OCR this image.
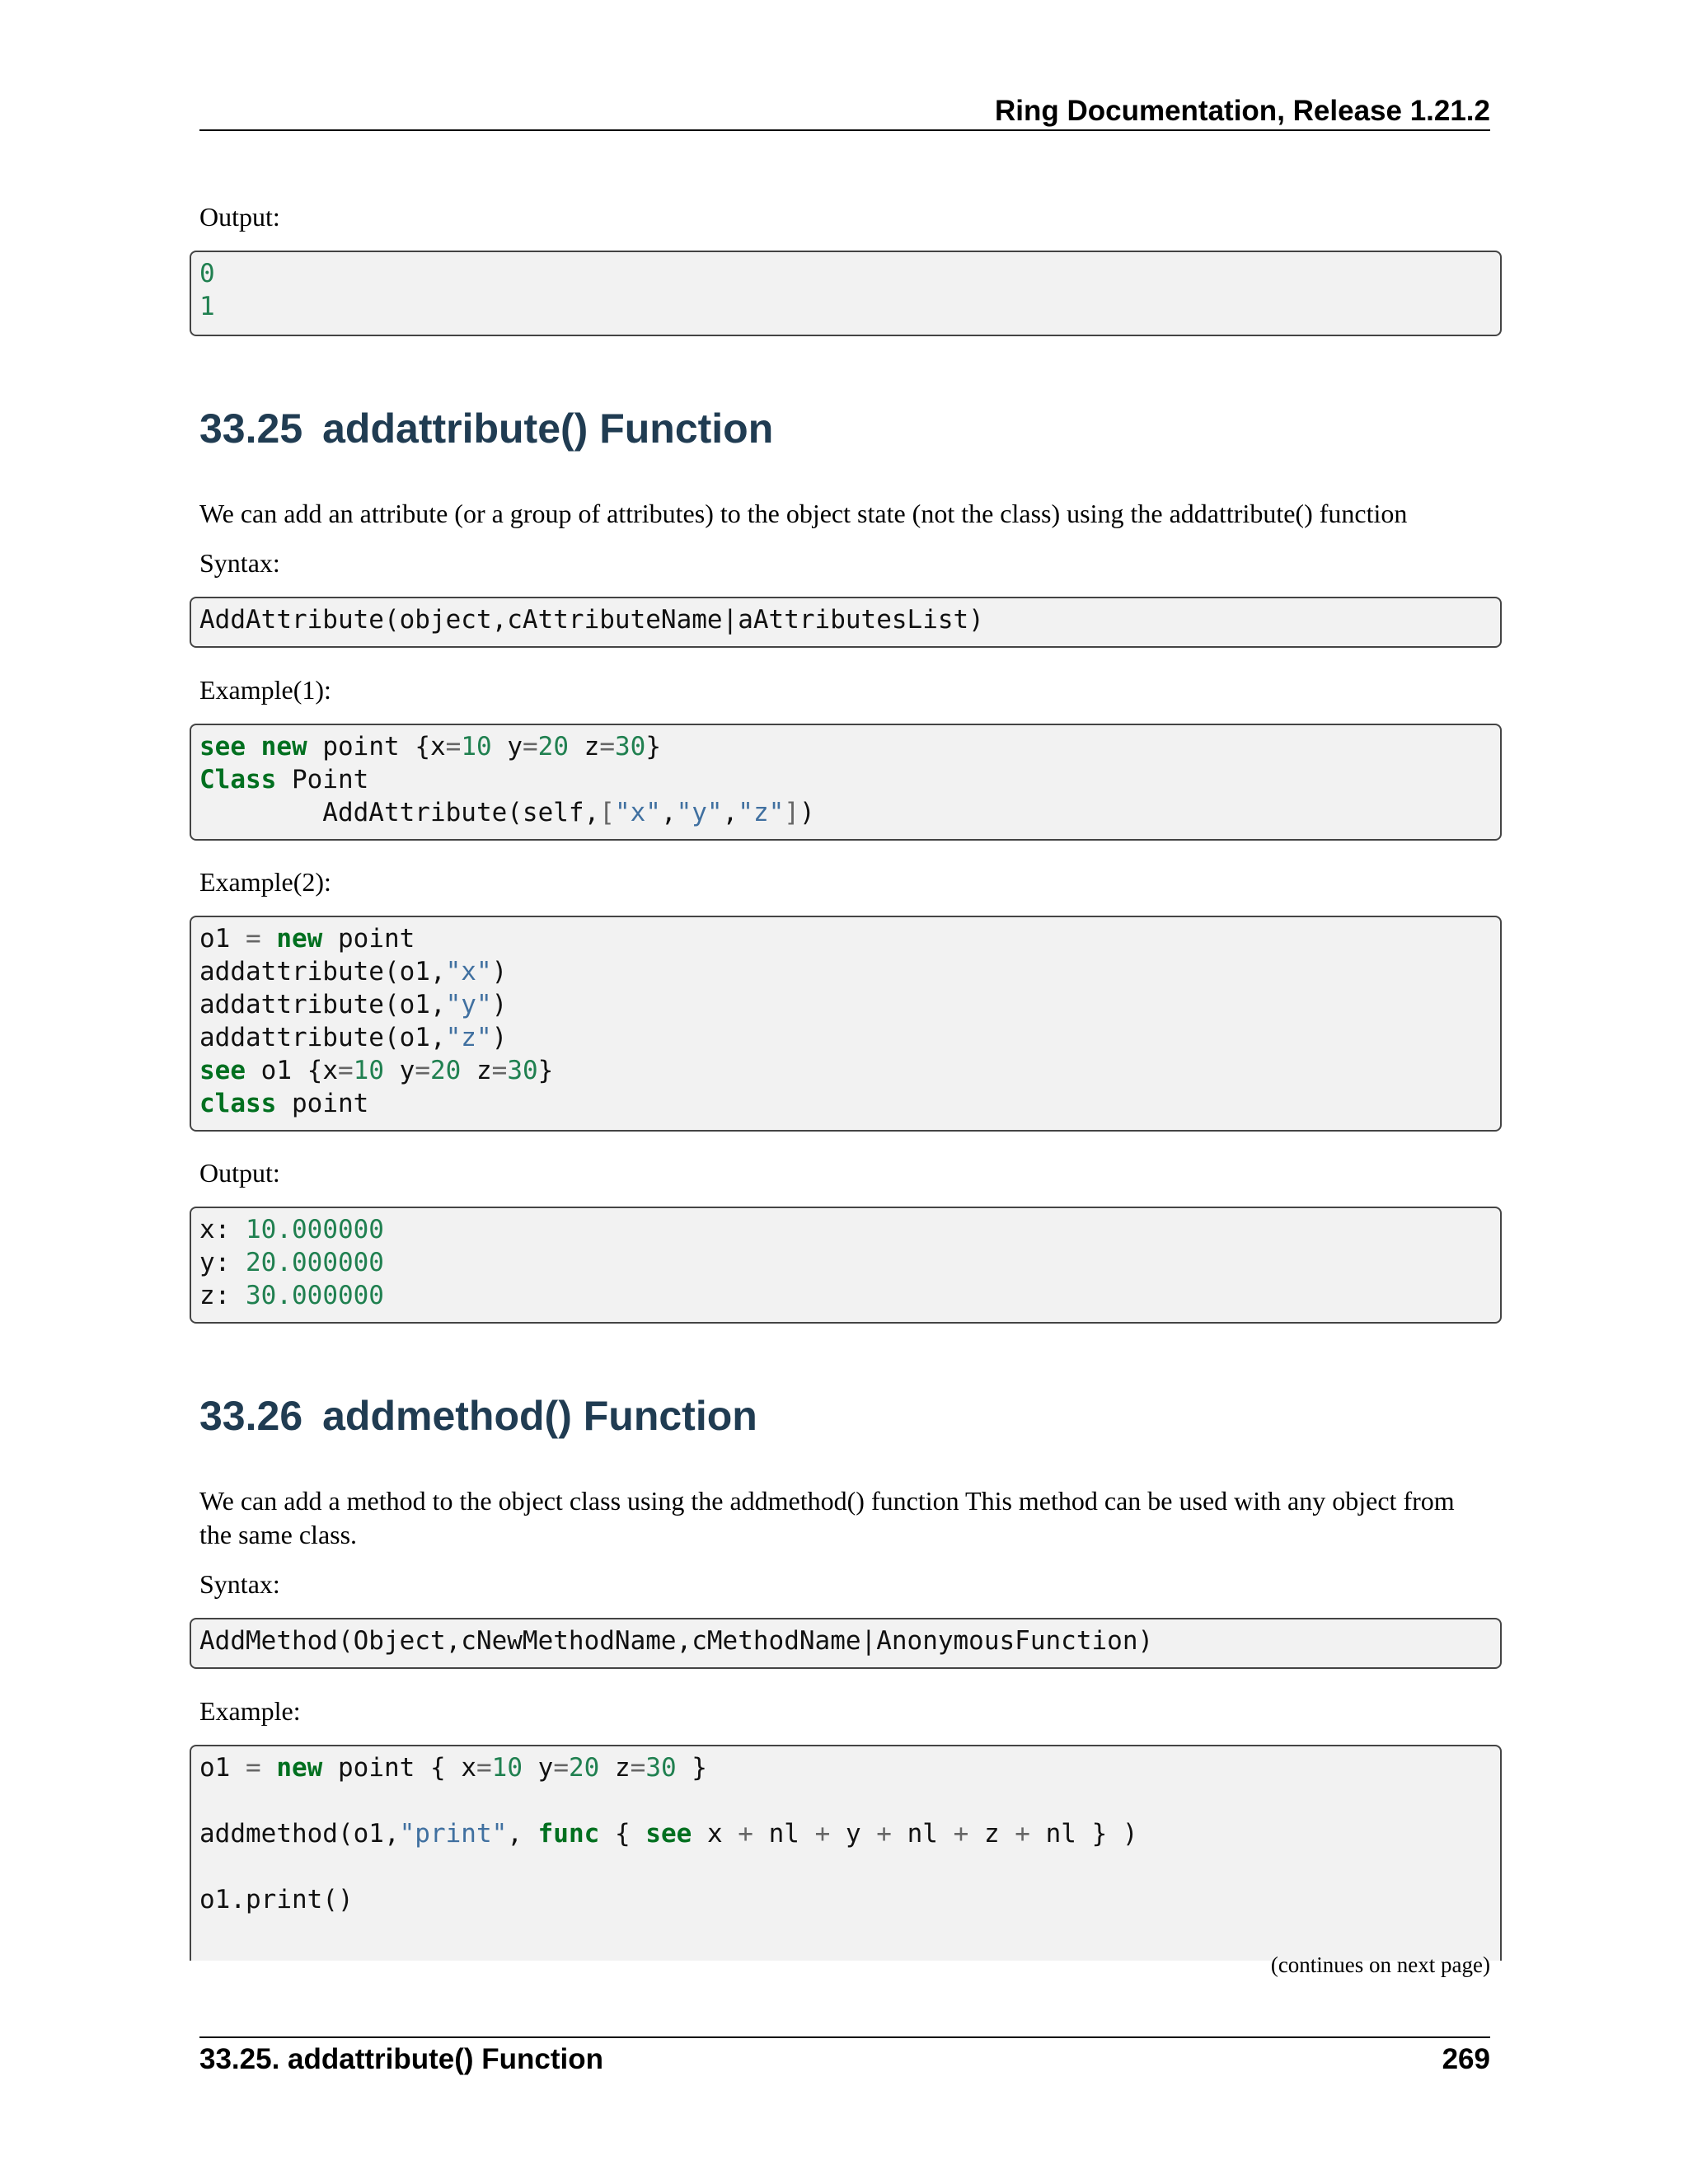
Ring Documentation, Release 1.21.2
Output:
0
1
33.25 addattribute() Function
We can add an attribute (or a group of attributes) to the object state (not the class) using the addattribute() function
Syntax:
AddAttribute(object,cAttributeName|aAttributesList)
Example(1):
see new point {x=10 y=20 z=30}
Class Point
AddAttribute(self,["x","y","z"])
Example(2):
o1 = new point
addattribute(o1,"x")
addattribute(o1,"y")
addattribute(o1,"z")
see o1 {x=10 y=20 z=30}
class point
Output:
x: 10.000000
y: 20.000000
z: 30.000000
33.26 addmethod() Function
We can add a method to the object class using the addmethod() function This method can be used with any object from the same class.
Syntax:
AddMethod(Object,cNewMethodName,cMethodName|AnonymousFunction)
Example:
o1 = new point { x=10 y=20 z=30 }

addmethod(o1,"print", func { see x + nl + y + nl + z + nl } )

o1.print()
(continues on next page)
33.25. addattribute() Function	269
